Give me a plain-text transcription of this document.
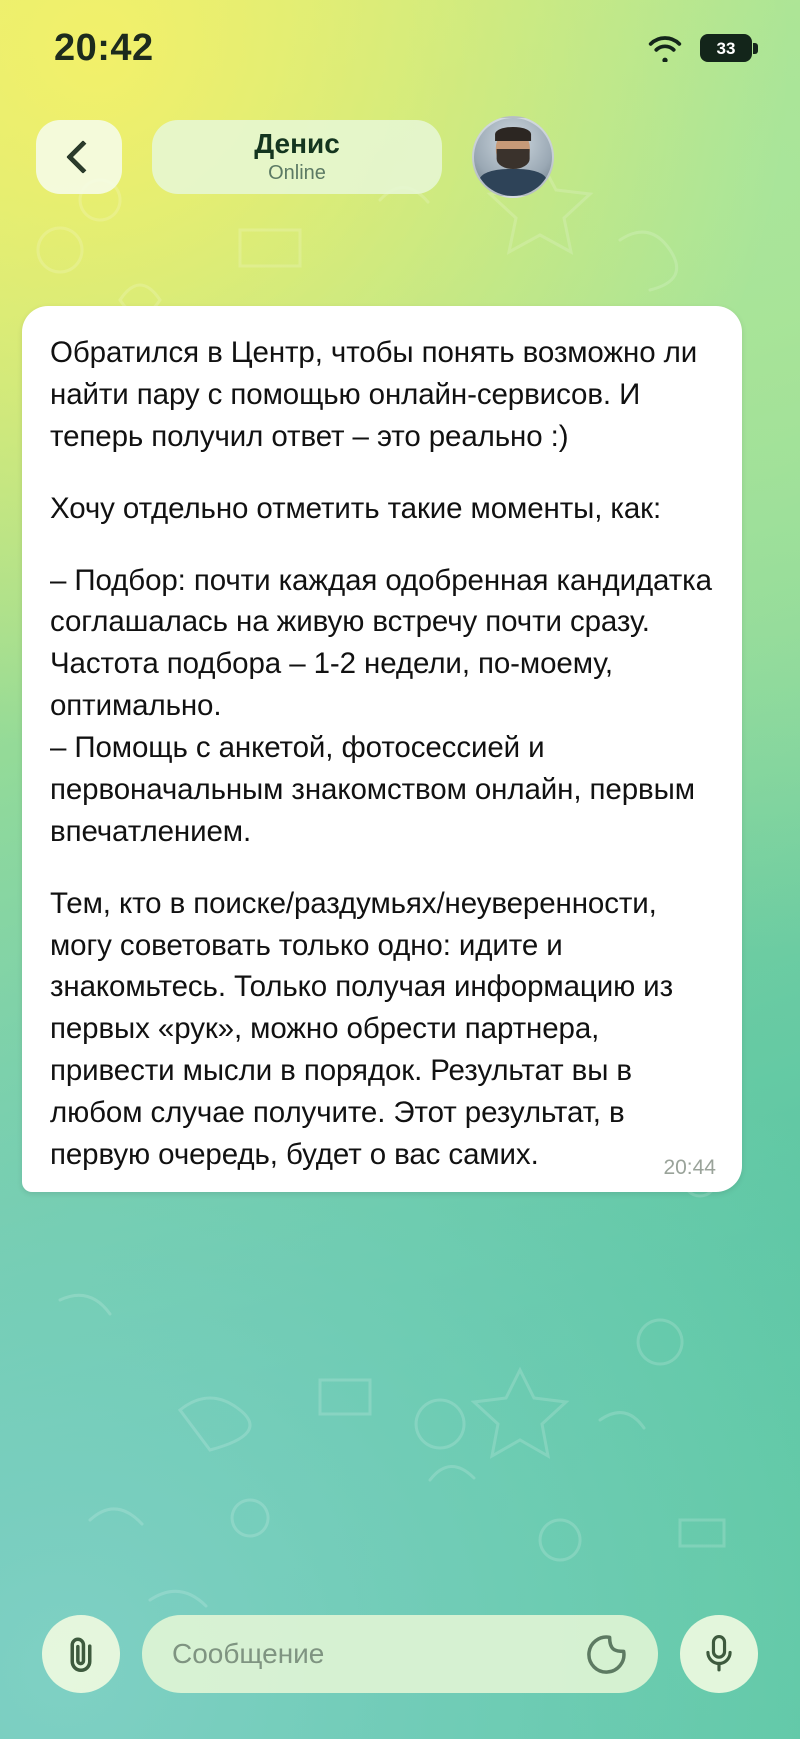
20:42	33
Денис
Online

Обратился в Центр, чтобы понять возможно ли найти пару с помощью онлайн-сервисов. И теперь получил ответ – это реально :)

Хочу отдельно отметить такие моменты, как:

– Подбор: почти каждая одобренная кандидатка соглашалась на живую встречу почти сразу. Частота подбора – 1-2 недели, по-моему, оптимально.

– Помощь с анкетой, фотосессией и первоначальным знакомством онлайн, первым впечатлением.

Тем, кто в поиске/раздумьях/неуверенности, могу советовать только одно: идите и знакомьтесь. Только получая информацию из первых «рук», можно обрести партнера, привести мысли в порядок. Результат вы в любом случае получите. Этот результат, в первую очередь, будет о вас самих.	20:44
Сообщение
